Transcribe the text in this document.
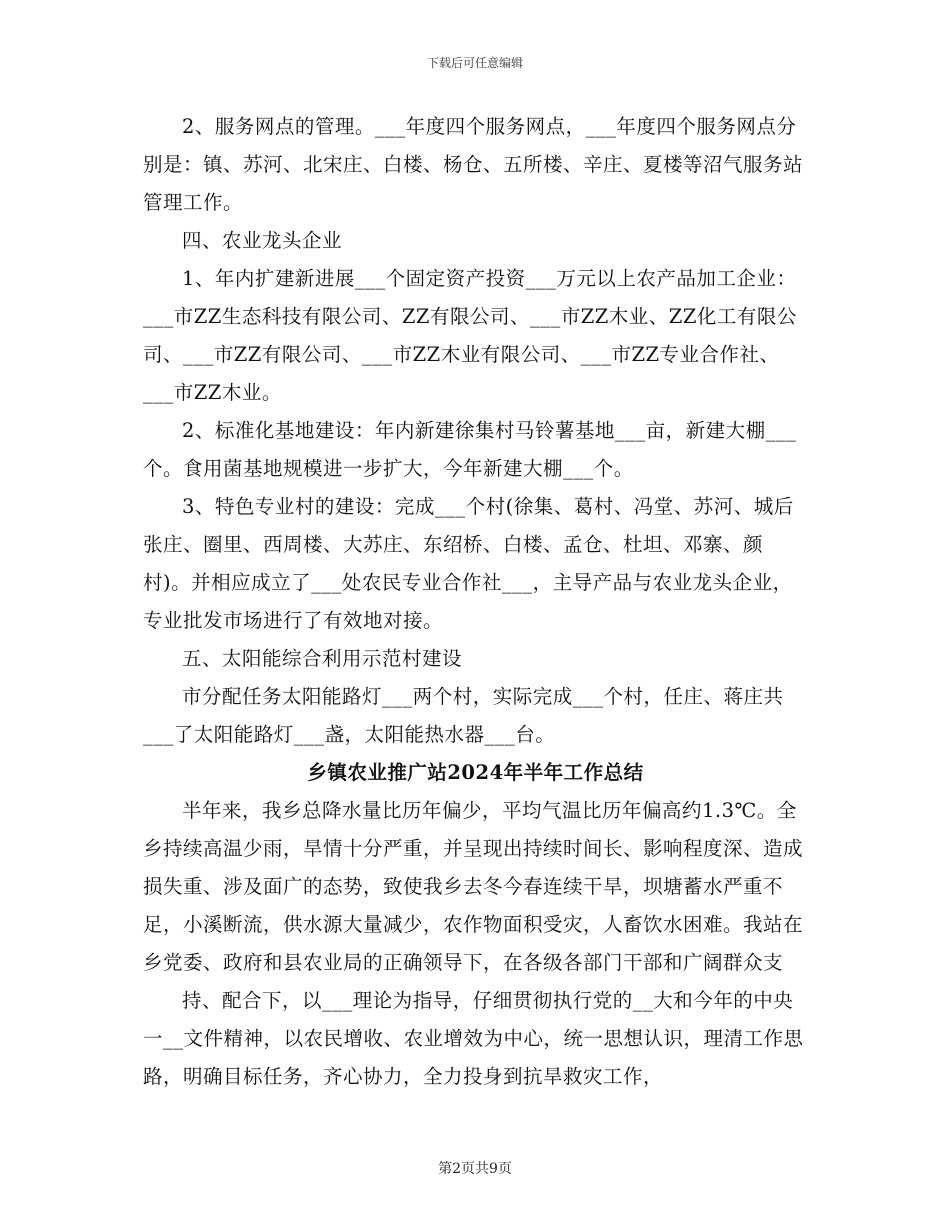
下载后可任意编辑

2、服务网点的管理。___年度四个服务网点，___年度四个服务网点分别是：镇、苏河、北宋庄、白楼、杨仓、五所楼、辛庄、夏楼等沼气服务站管理工作。

四、农业龙头企业

1、年内扩建新进展___个固定资产投资___万元以上农产品加工企业：___市ZZ生态科技有限公司、ZZ有限公司、___市ZZ木业、ZZ化工有限公司、___市ZZ有限公司、___市ZZ木业有限公司、___市ZZ专业合作社、___市ZZ木业。

2、标准化基地建设：年内新建徐集村马铃薯基地___亩，新建大棚___个。食用菌基地规模进一步扩大，今年新建大棚___个。

3、特色专业村的建设：完成___个村(徐集、葛村、冯堂、苏河、城后张庄、圈里、西周楼、大苏庄、东绍桥、白楼、孟仓、杜坦、邓寨、颜村)。并相应成立了___处农民专业合作社___，主导产品与农业龙头企业，专业批发市场进行了有效地对接。

五、太阳能综合利用示范村建设

市分配任务太阳能路灯___两个村，实际完成___个村，任庄、蒋庄共___了太阳能路灯___盏，太阳能热水器___台。

乡镇农业推广站2024年半年工作总结

半年来，我乡总降水量比历年偏少，平均气温比历年偏高约1.3℃。全乡持续高温少雨，旱情十分严重，并呈现出持续时间长、影响程度深、造成损失重、涉及面广的态势，致使我乡去冬今春连续干旱，坝塘蓄水严重不足，小溪断流，供水源大量减少，农作物面积受灾，人畜饮水困难。我站在乡党委、政府和县农业局的正确领导下，在各级各部门干部和广阔群众支

持、配合下，以___理论为指导，仔细贯彻执行党的__大和今年的中央一__文件精神，以农民增收、农业增效为中心，统一思想认识，理清工作思路，明确目标任务，齐心协力，全力投身到抗旱救灾工作，

第2页共9页
